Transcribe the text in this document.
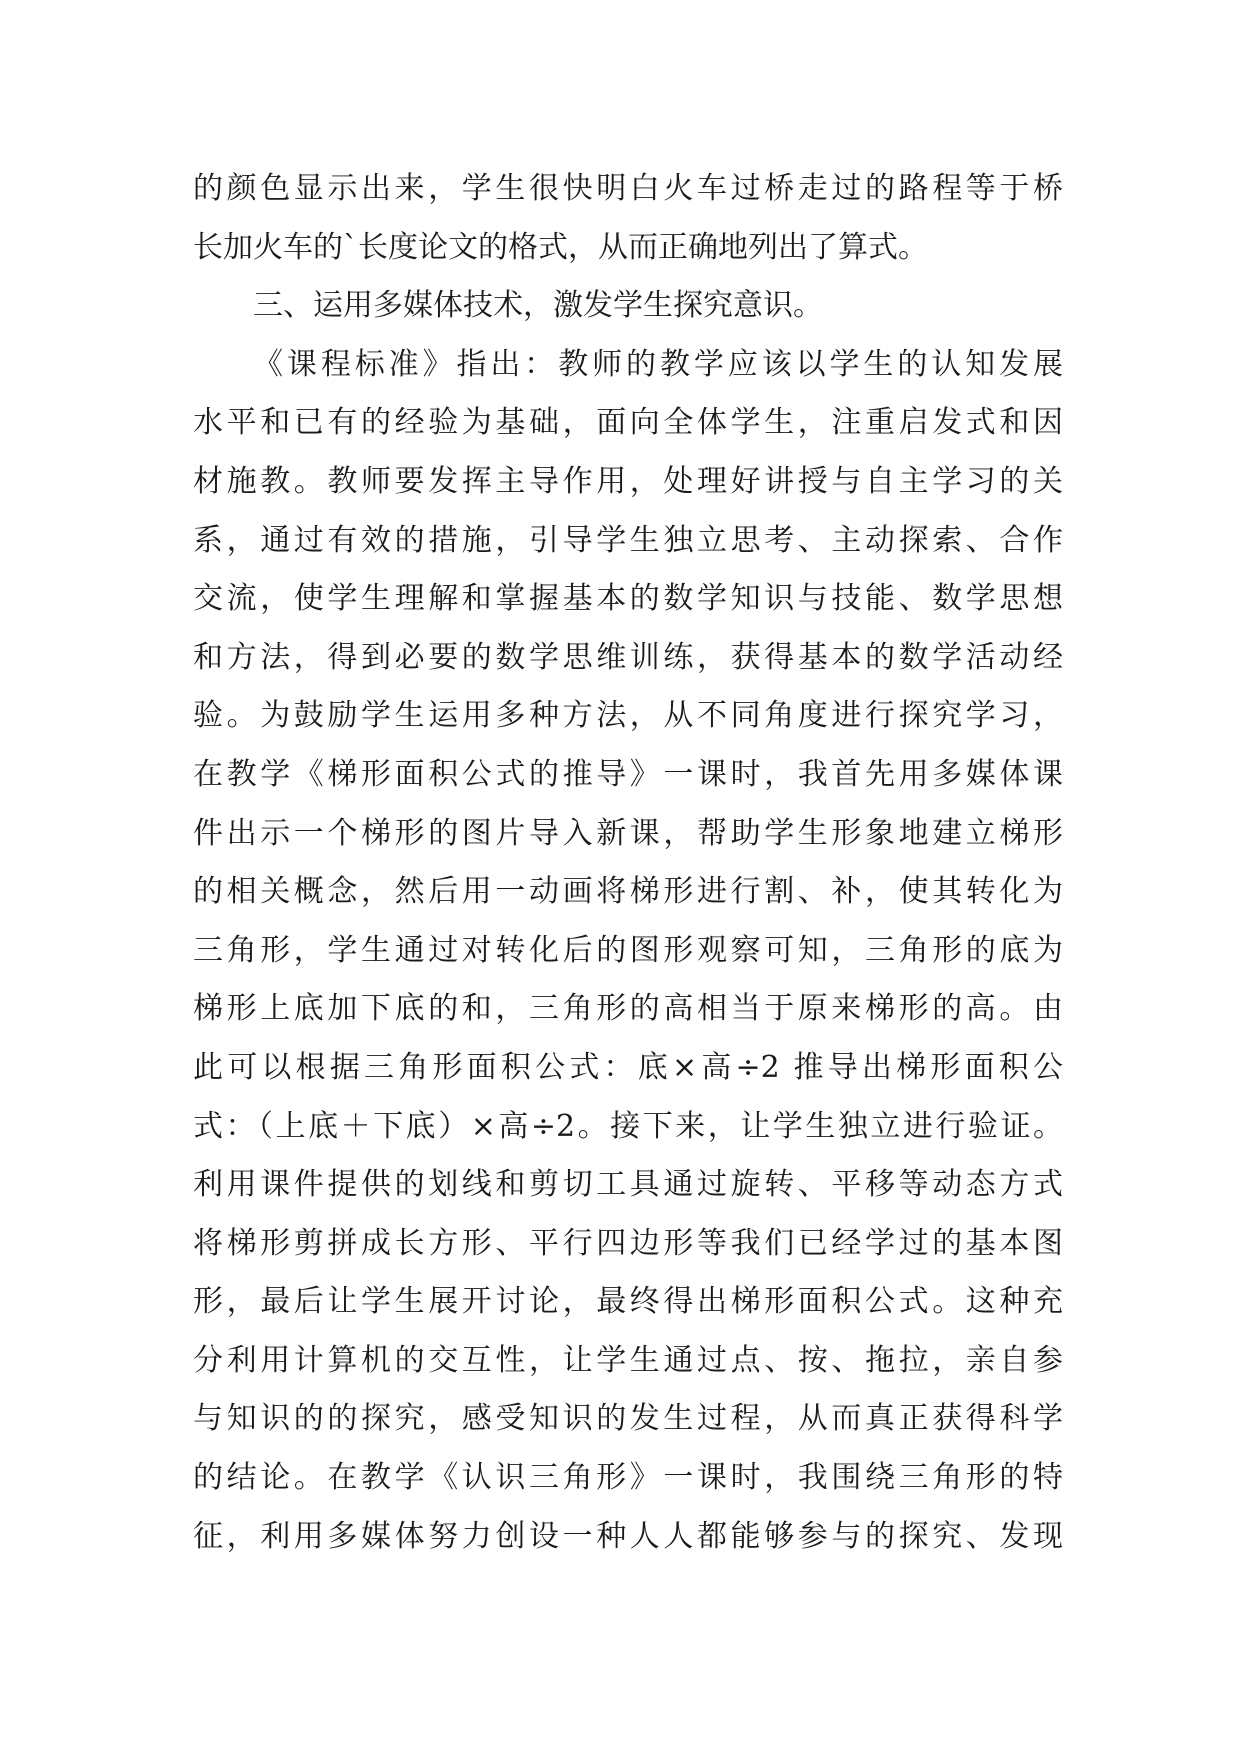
的颜色显示出来，学生很快明白火车过桥走过的路程等于桥
长加火车的`长度论文的格式，从而正确地列出了算式。
三、运用多媒体技术，激发学生探究意识。
《课程标准》指出：教师的教学应该以学生的认知发展
水平和已有的经验为基础，面向全体学生，注重启发式和因
材施教。教师要发挥主导作用，处理好讲授与自主学习的关
系，通过有效的措施，引导学生独立思考、主动探索、合作
交流，使学生理解和掌握基本的数学知识与技能、数学思想
和方法，得到必要的数学思维训练，获得基本的数学活动经
验。为鼓励学生运用多种方法，从不同角度进行探究学习，
在教学《梯形面积公式的推导》一课时，我首先用多媒体课
件出示一个梯形的图片导入新课，帮助学生形象地建立梯形
的相关概念，然后用一动画将梯形进行割、补，使其转化为
三角形，学生通过对转化后的图形观察可知，三角形的底为
梯形上底加下底的和，三角形的高相当于原来梯形的高。由
此可以根据三角形面积公式：底×高÷2 推导出梯形面积公
式：（上底＋下底）×高÷2。接下来，让学生独立进行验证。
利用课件提供的划线和剪切工具通过旋转、平移等动态方式
将梯形剪拼成长方形、平行四边形等我们已经学过的基本图
形，最后让学生展开讨论，最终得出梯形面积公式。这种充
分利用计算机的交互性，让学生通过点、按、拖拉，亲自参
与知识的的探究，感受知识的发生过程，从而真正获得科学
的结论。在教学《认识三角形》一课时，我围绕三角形的特
征，利用多媒体努力创设一种人人都能够参与的探究、发现
